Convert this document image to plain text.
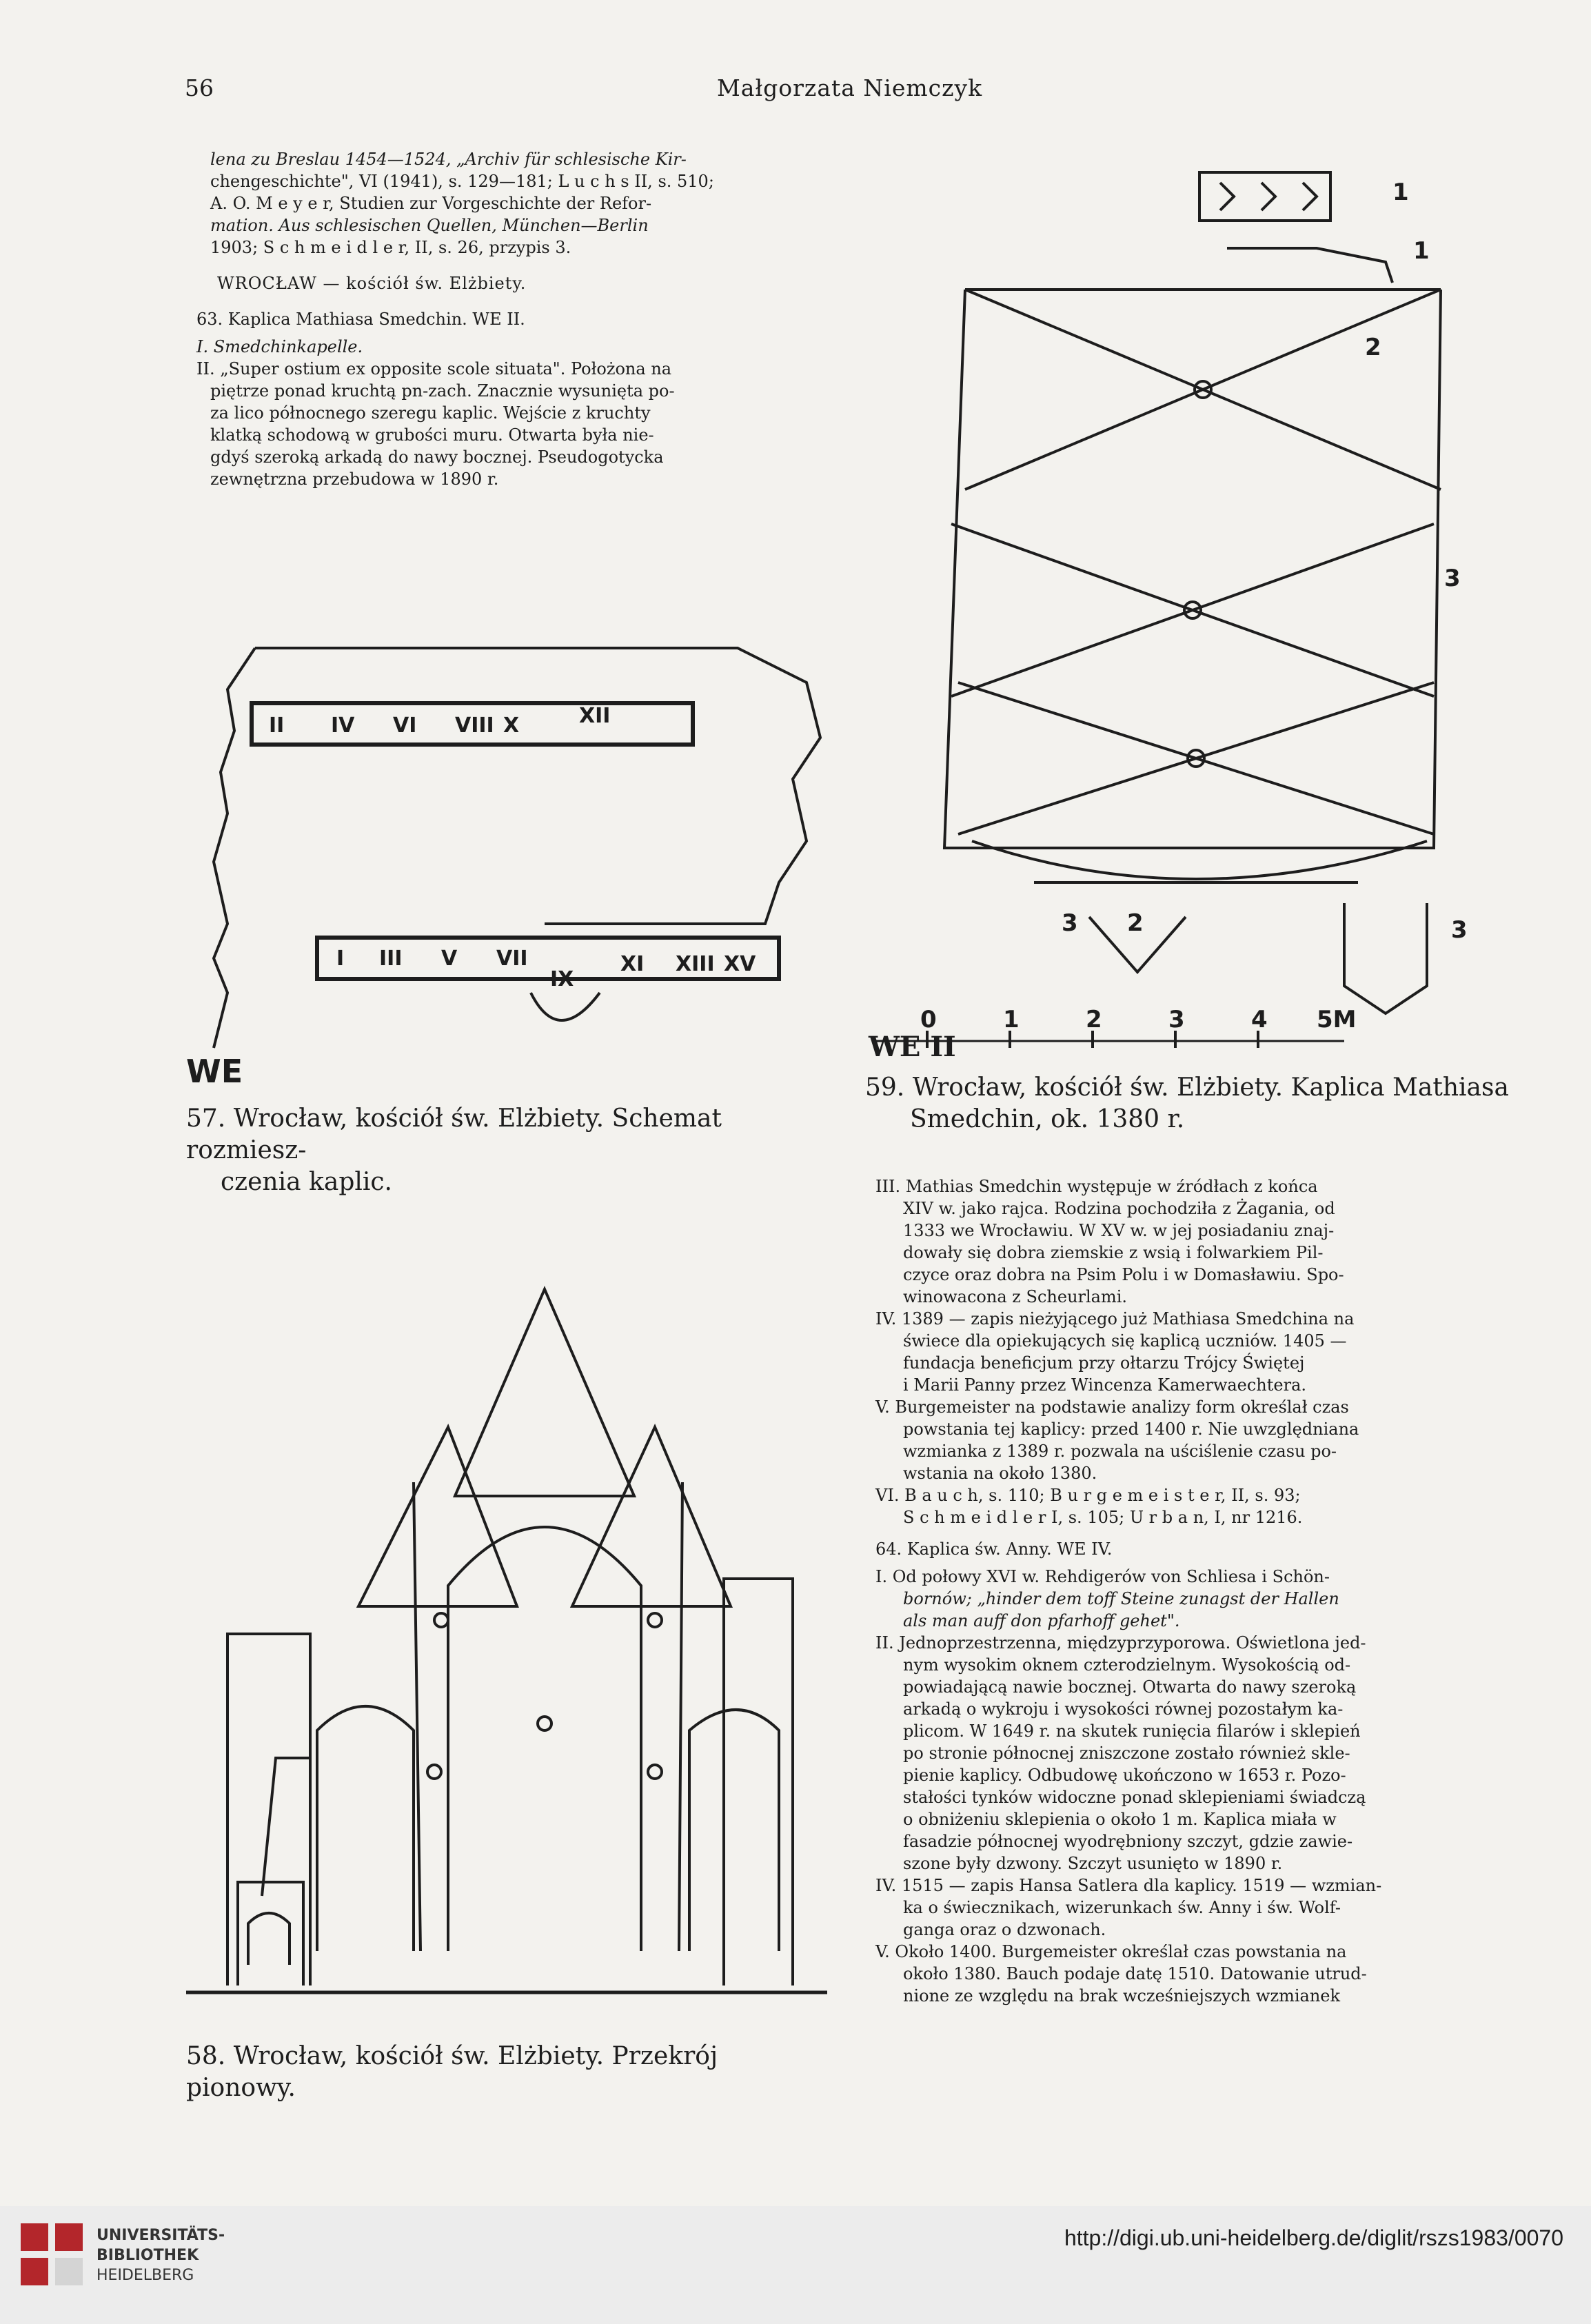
56	Małgorzata Niemczyk

lena zu Breslau 1454—1524, „Archiv für schlesische Kir-

chengeschichte", VI (1941), s. 129—181; L u c h s II, s. 510;

A. O. M e y e r, Studien zur Vorgeschichte der Refor-

mation. Aus schlesischen Quellen, München—Berlin

1903; S c h m e i d l e r, II, s. 26, przypis 3.

WROCŁAW — kościół św. Elżbiety.

63. Kaplica Mathiasa Smedchin. WE II.

I. Smedchinkapelle.

II. „Super ostium ex opposite scole situata". Położona na

piętrze ponad kruchtą pn-zach. Znacznie wysunięta po-

za lico północnego szeregu kaplic. Wejście z kruchty

klatką schodową w grubości muru. Otwarta była nie-

gdyś szeroką arkadą do nawy bocznej. Pseudogotycka

zewnętrzna przebudowa w 1890 r.

II IV VI VIII X	XII
I III V VII
IX
XI XIII XV
WE

57. Wrocław, kościół św. Elżbiety. Schemat rozmiesz-

czenia kaplic.

58. Wrocław, kościół św. Elżbiety. Przekrój pionowy.
1
1
2
3
3
2
3
0	1	2	3	4 5M
WE II

59. Wrocław, kościół św. Elżbiety. Kaplica Mathiasa

Smedchin, ok. 1380 r.

III. Mathias Smedchin występuje w źródłach z końca

XIV w. jako rajca. Rodzina pochodziła z Żagania, od

1333 we Wrocławiu. W XV w. w jej posiadaniu znaj-

dowały się dobra ziemskie z wsią i folwarkiem Pil-

czyce oraz dobra na Psim Polu i w Domasławiu. Spo-

winowacona z Scheurlami.

IV. 1389 — zapis nieżyjącego już Mathiasa Smedchina na

świece dla opiekujących się kaplicą uczniów. 1405 —

fundacja beneficjum przy ołtarzu Trójcy Świętej

i Marii Panny przez Wincenza Kamerwaechtera.

V. Burgemeister na podstawie analizy form określał czas

powstania tej kaplicy: przed 1400 r. Nie uwzględniana

wzmianka z 1389 r. pozwala na uściślenie czasu po-

wstania na około 1380.

VI. B a u c h, s. 110; B u r g e m e i s t e r, II, s. 93;

S c h m e i d l e r I, s. 105; U r b a n, I, nr 1216.

64. Kaplica św. Anny. WE IV.

I. Od połowy XVI w. Rehdigerów von Schliesa i Schön-

bornów; „hinder dem toff Steine zunagst der Hallen

als man auff don pfarhoff gehet".

II. Jednoprzestrzenna, międzyprzyporowa. Oświetlona jed-

nym wysokim oknem czterodzielnym. Wysokością od-

powiadającą nawie bocznej. Otwarta do nawy szeroką

arkadą o wykroju i wysokości równej pozostałym ka-

plicom. W 1649 r. na skutek runięcia filarów i sklepień

po stronie północnej zniszczone zostało również skle-

pienie kaplicy. Odbudowę ukończono w 1653 r. Pozo-

stałości tynków widoczne ponad sklepieniami świadczą

o obniżeniu sklepienia o około 1 m. Kaplica miała w

fasadzie północnej wyodrębniony szczyt, gdzie zawie-

szone były dzwony. Szczyt usunięto w 1890 r.

IV. 1515 — zapis Hansa Satlera dla kaplicy. 1519 — wzmian-

ka o świecznikach, wizerunkach św. Anny i św. Wolf-

ganga oraz o dzwonach.

V. Około 1400. Burgemeister określał czas powstania na

około 1380. Bauch podaje datę 1510. Datowanie utrud-

nione ze względu na brak wcześniejszych wzmianek

UNIVERSITÄTS-
BIBLIOTHEK
HEIDELBERG
http://digi.ub.uni-heidelberg.de/diglit/rszs1983/0070
